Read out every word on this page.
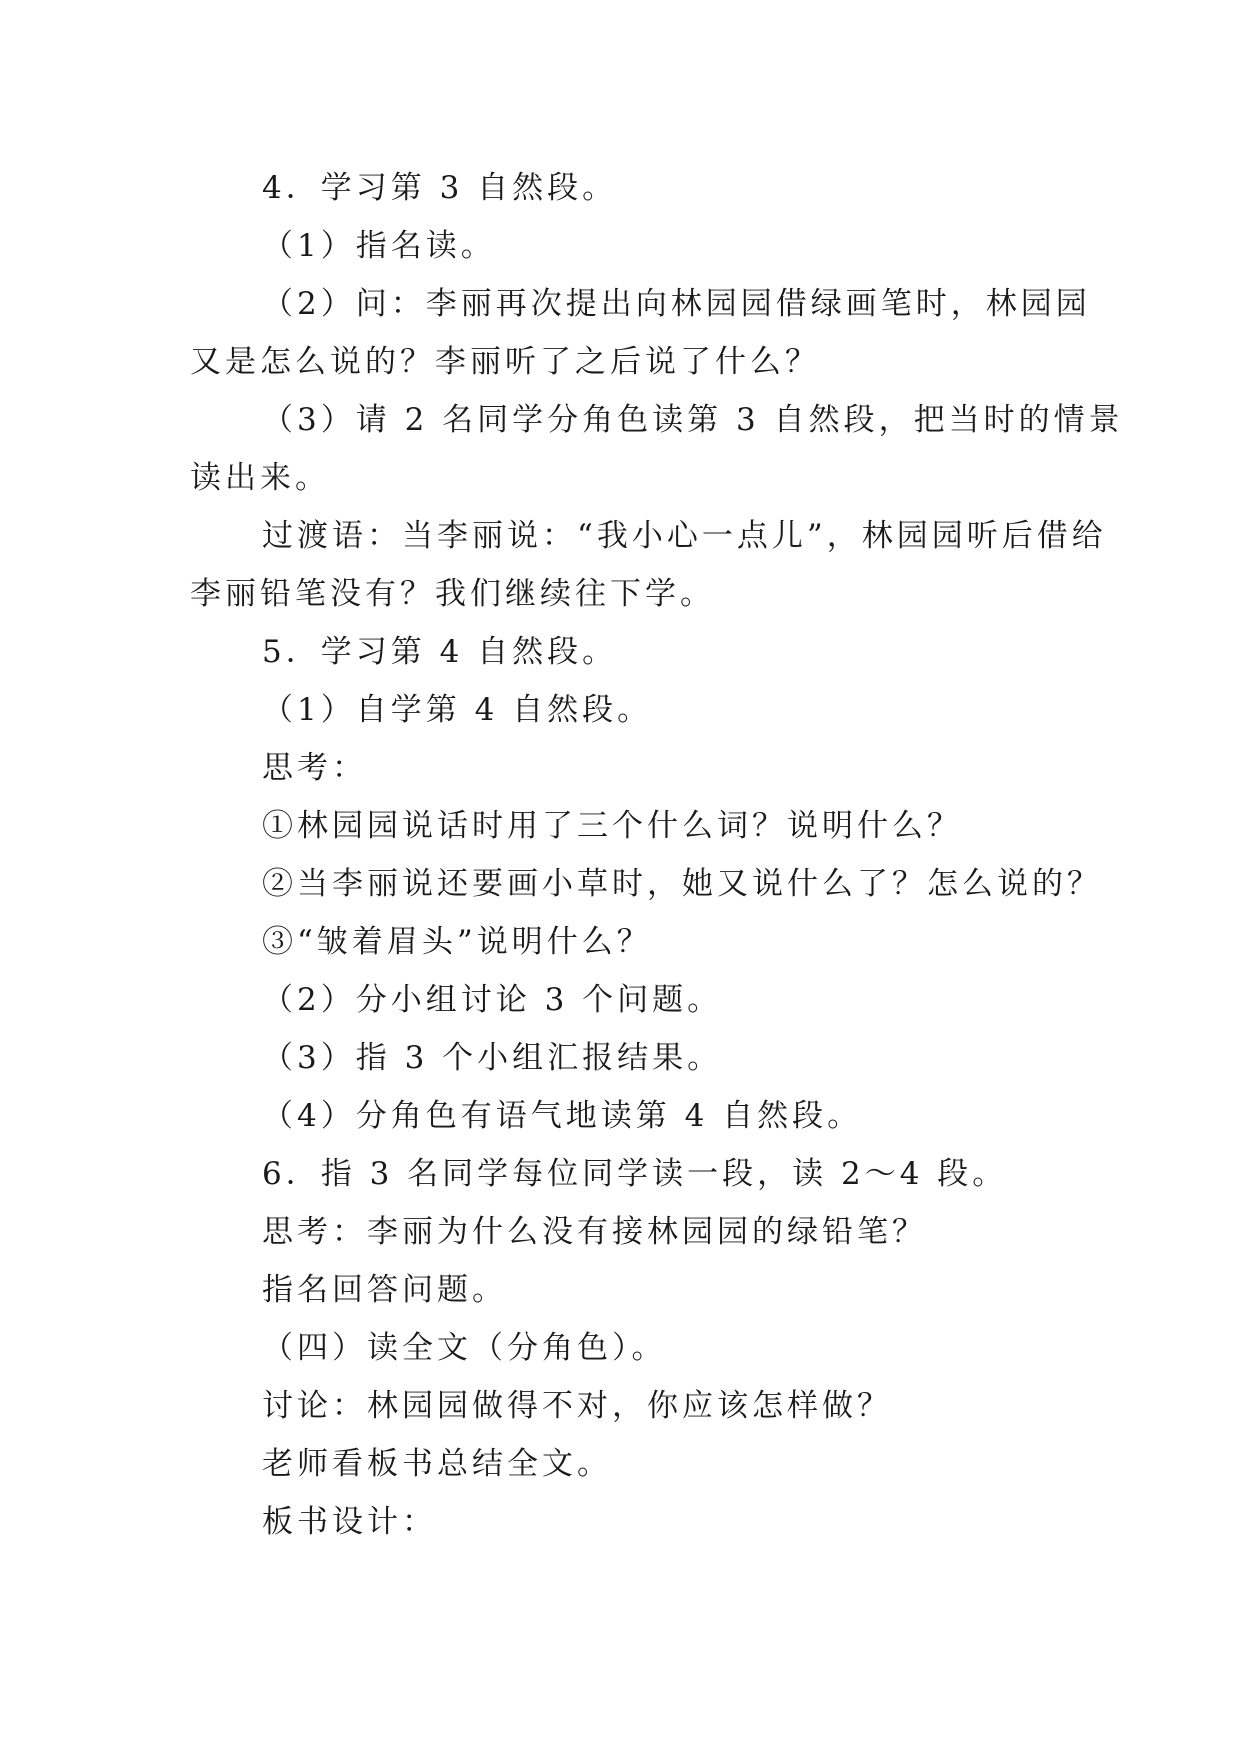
4．学习第 3 自然段。
（1）指名读。
（2）问：李丽再次提出向林园园借绿画笔时，林园园
又是怎么说的？李丽听了之后说了什么？
（3）请 2 名同学分角色读第 3 自然段，把当时的情景
读出来。
过渡语：当李丽说：“我小心一点儿”，林园园听后借给
李丽铅笔没有？我们继续往下学。
5．学习第 4 自然段。
（1）自学第 4 自然段。
思考：
①林园园说话时用了三个什么词？说明什么？
②当李丽说还要画小草时，她又说什么了？怎么说的？
③“皱着眉头”说明什么？
（2）分小组讨论 3 个问题。
（3）指 3 个小组汇报结果。
（4）分角色有语气地读第 4 自然段。
6．指 3 名同学每位同学读一段，读 2～4 段。
思考：李丽为什么没有接林园园的绿铅笔？
指名回答问题。
（四）读全文（分角色）。
讨论：林园园做得不对，你应该怎样做？
老师看板书总结全文。
板书设计：
